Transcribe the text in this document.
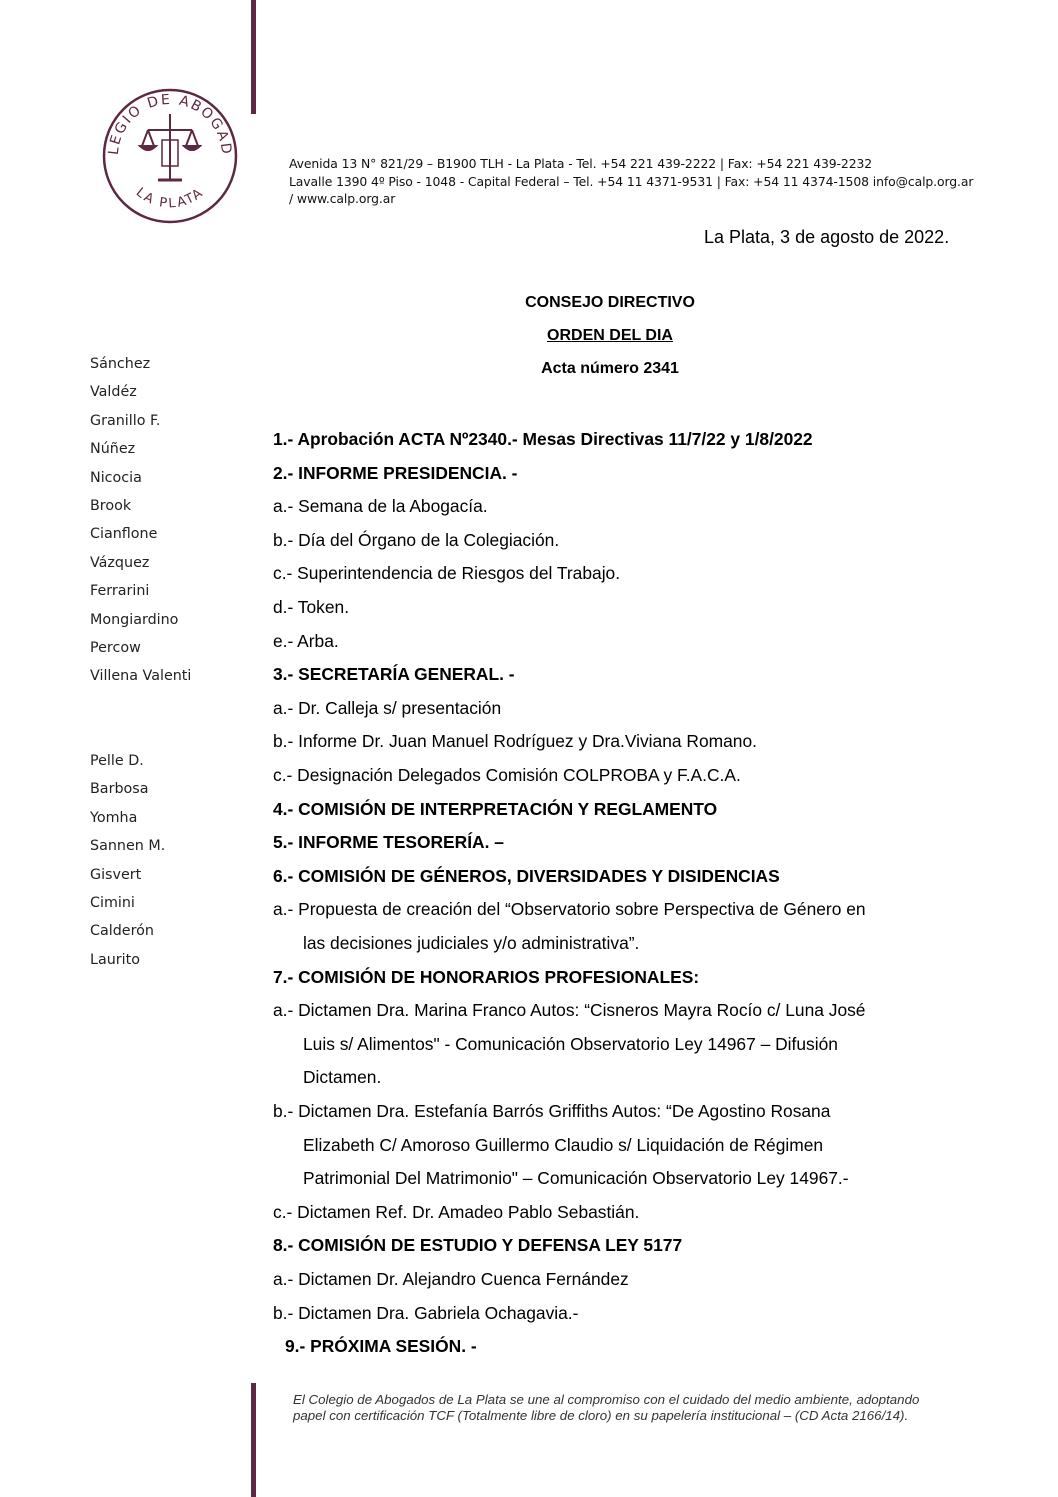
LEGIO DE ABOGAD
LA PLATA
Avenida 13 N° 821/29 – B1900 TLH - La Plata - Tel. +54 221 439-2222 | Fax: +54 221 439-2232
Lavalle 1390 4º Piso - 1048 - Capital Federal – Tel. +54 11 4371-9531 | Fax: +54 11 4374-1508 info@calp.org.ar
/ www.calp.org.ar
La Plata, 3 de agosto de 2022.
CONSEJO DIRECTIVO
ORDEN DEL DIA
Acta número 2341
Sánchez
Valdéz
Granillo F.
Núñez
Nicocia
Brook
Cianflone
Vázquez
Ferrarini
Mongiardino
Percow
Villena Valenti
Pelle D.
Barbosa
Yomha
Sannen M.
Gisvert
Cimini
Calderón
Laurito
1.- Aprobación ACTA Nº2340.- Mesas Directivas 11/7/22 y 1/8/2022
2.- INFORME PRESIDENCIA. -
a.- Semana de la Abogacía.
b.- Día del Órgano de la Colegiación.
c.- Superintendencia de Riesgos del Trabajo.
d.- Token.
e.- Arba.
3.- SECRETARÍA GENERAL. -
a.- Dr. Calleja s/ presentación
b.- Informe Dr. Juan Manuel Rodríguez y Dra.Viviana Romano.
c.- Designación Delegados Comisión COLPROBA y F.A.C.A.
4.- COMISIÓN DE INTERPRETACIÓN Y REGLAMENTO
5.- INFORME TESORERÍA. –
6.- COMISIÓN DE GÉNEROS, DIVERSIDADES Y DISIDENCIAS
a.- Propuesta de creación del “Observatorio sobre Perspectiva de Género en
las decisiones judiciales y/o administrativa”.
7.- COMISIÓN DE HONORARIOS PROFESIONALES:
a.- Dictamen Dra. Marina Franco Autos: “Cisneros Mayra Rocío c/ Luna José
Luis s/ Alimentos" - Comunicación Observatorio Ley 14967 – Difusión
Dictamen.
b.- Dictamen Dra. Estefanía Barrós Griffiths Autos: “De Agostino Rosana
Elizabeth C/ Amoroso Guillermo Claudio s/ Liquidación de Régimen
Patrimonial Del Matrimonio" – Comunicación Observatorio Ley 14967.-
c.- Dictamen Ref. Dr. Amadeo Pablo Sebastián.
8.- COMISIÓN DE ESTUDIO Y DEFENSA LEY 5177
a.- Dictamen Dr. Alejandro Cuenca Fernández
b.- Dictamen Dra. Gabriela Ochagavia.-
9.- PRÓXIMA SESIÓN. -
El Colegio de Abogados de La Plata se une al compromiso con el cuidado del medio ambiente, adoptando
papel con certificación TCF (Totalmente libre de cloro) en su papelería institucional – (CD Acta 2166/14).
